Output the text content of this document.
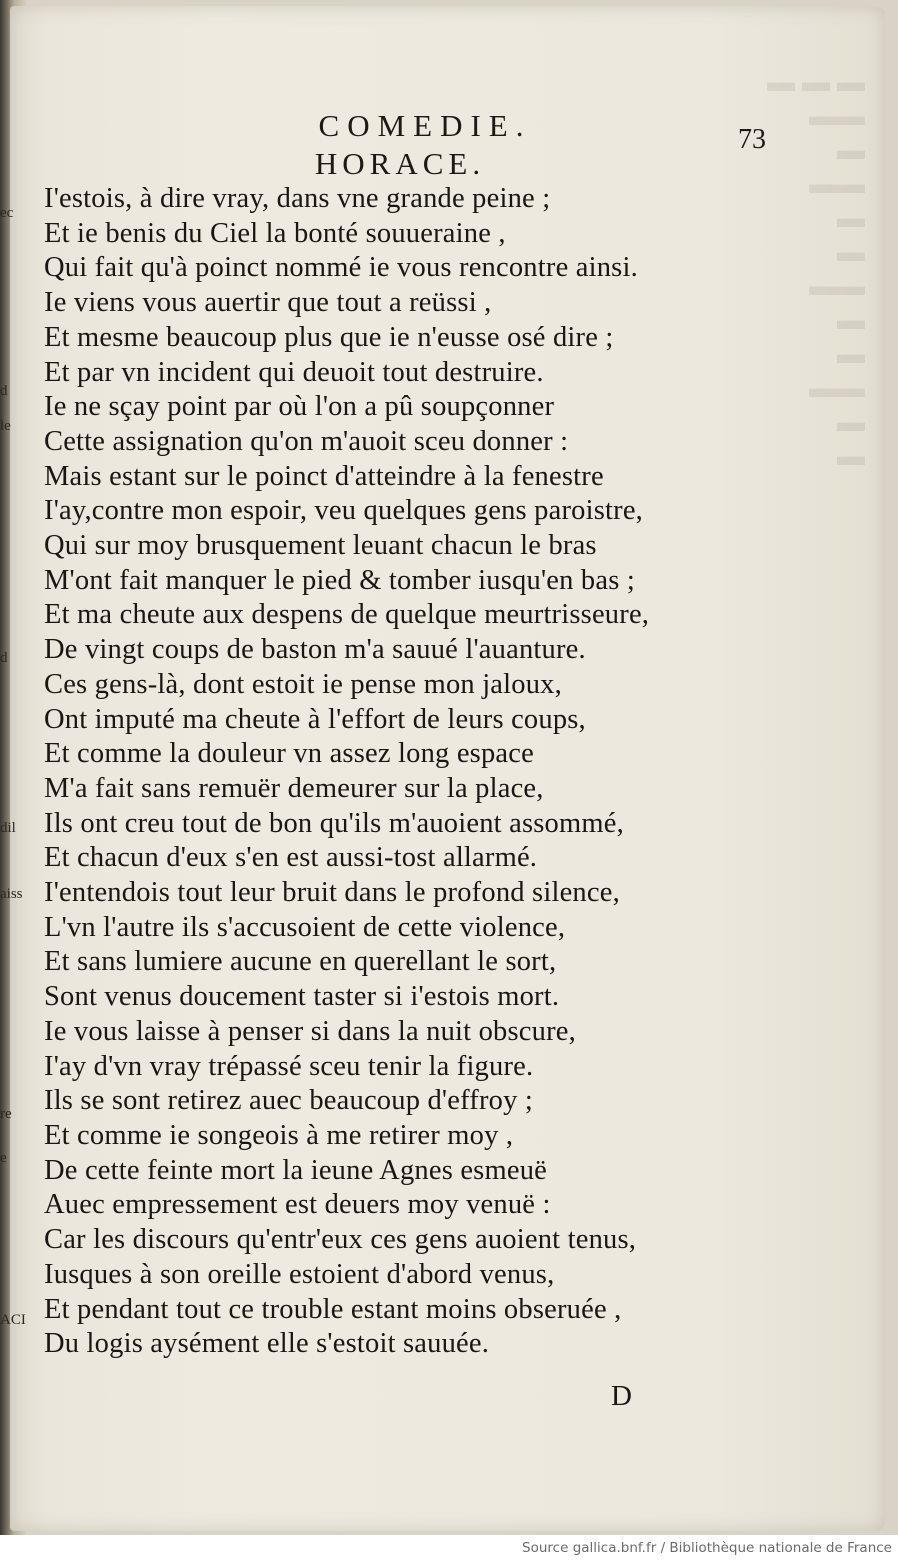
▬ ▬ ▬
▬▬
▬
▬▬
▬
▬
▬▬
▬
▬
▬▬
▬
▬
COMEDIE.	73
HORACE.
I'estois, à dire vray, dans vne grande peine ;
Et ie benis du Ciel la bonté souueraine ,
Qui fait qu'à poinct nommé ie vous rencontre ainsi.
Ie viens vous auertir que tout a reüssi ,
Et mesme beaucoup plus que ie n'eusse osé dire ;
Et par vn incident qui deuoit tout destruire.
Ie ne sçay point par où l'on a pû soupçonner
Cette assignation qu'on m'auoit sceu donner :
Mais estant sur le poinct d'atteindre à la fenestre
I'ay,contre mon espoir, veu quelques gens paroistre,
Qui sur moy brusquement leuant chacun le bras
M'ont fait manquer le pied & tomber iusqu'en bas ;
Et ma cheute aux despens de quelque meurtrisseure,
De vingt coups de baston m'a sauué l'auanture.
Ces gens-là, dont estoit ie pense mon jaloux,
Ont imputé ma cheute à l'effort de leurs coups,
Et comme la douleur vn assez long espace
M'a fait sans remuër demeurer sur la place,
Ils ont creu tout de bon qu'ils m'auoient assommé,
Et chacun d'eux s'en est aussi-tost allarmé.
I'entendois tout leur bruit dans le profond silence,
L'vn l'autre ils s'accusoient de cette violence,
Et sans lumiere aucune en querellant le sort,
Sont venus doucement taster si i'estois mort.
Ie vous laisse à penser si dans la nuit obscure,
I'ay d'vn vray trépassé sceu tenir la figure.
Ils se sont retirez auec beaucoup d'effroy ;
Et comme ie songeois à me retirer moy ,
De cette feinte mort la ieune Agnes esmeuë
Auec empressement est deuers moy venuë :
Car les discours qu'entr'eux ces gens auoient tenus,
Iusques à son oreille estoient d'abord venus,
Et pendant tout ce trouble estant moins obseruée ,
Du logis aysément elle s'estoit sauuée.
D
ec
d
le
d
dil
aiss
re
e
ACI
Source gallica.bnf.fr / Bibliothèque nationale de France
